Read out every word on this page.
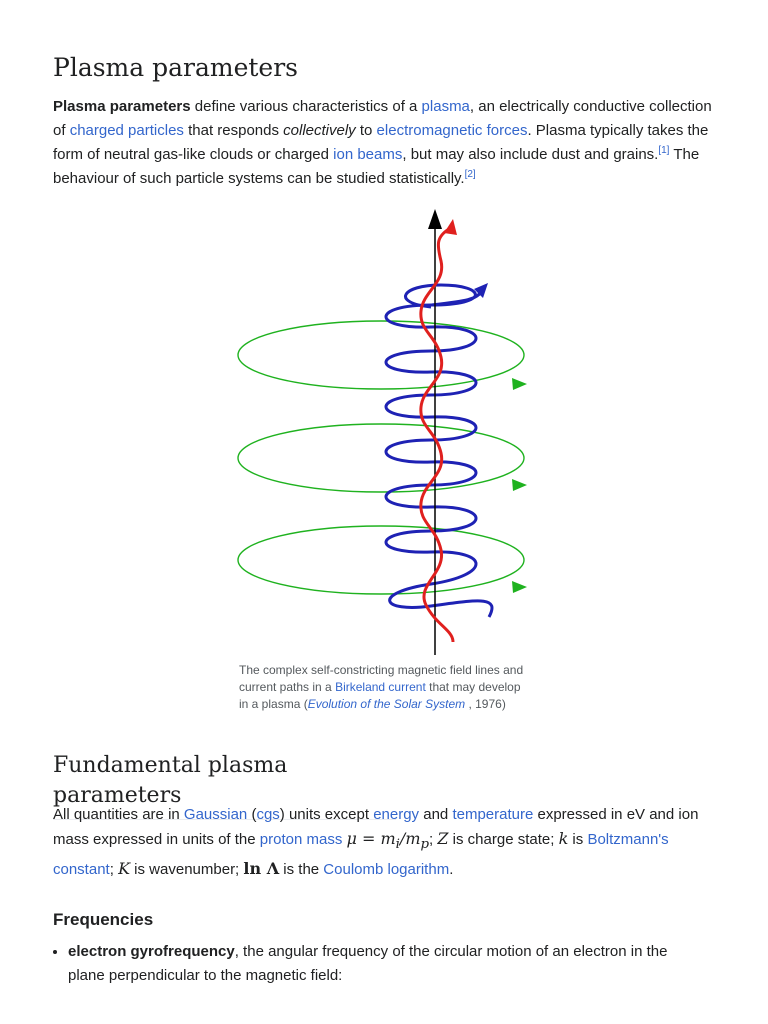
Plasma parameters

Plasma parameters define various characteristics of a plasma, an electrically conductive collection of charged particles that responds collectively to electromagnetic forces. Plasma typically takes the form of neutral gas-like clouds or charged ion beams, but may also include dust and grains.[1] The behaviour of such particle systems can be studied statistically.[2]

The complex self-constricting magnetic field lines and current paths in a Birkeland current that may develop in a plasma (Evolution of the Solar System , 1976)
Fundamental plasma parameters

All quantities are in Gaussian (cgs) units except energy and temperature expressed in eV and ion mass expressed in units of the proton mass $\mu = m_i/m_p$; Z is charge state; k is Boltzmann's constant; K is wavenumber; ln Λ is the Coulomb logarithm.

Frequencies
• electron gyrofrequency, the angular frequency of the circular motion of an electron in the plane perpendicular to the magnetic field:
